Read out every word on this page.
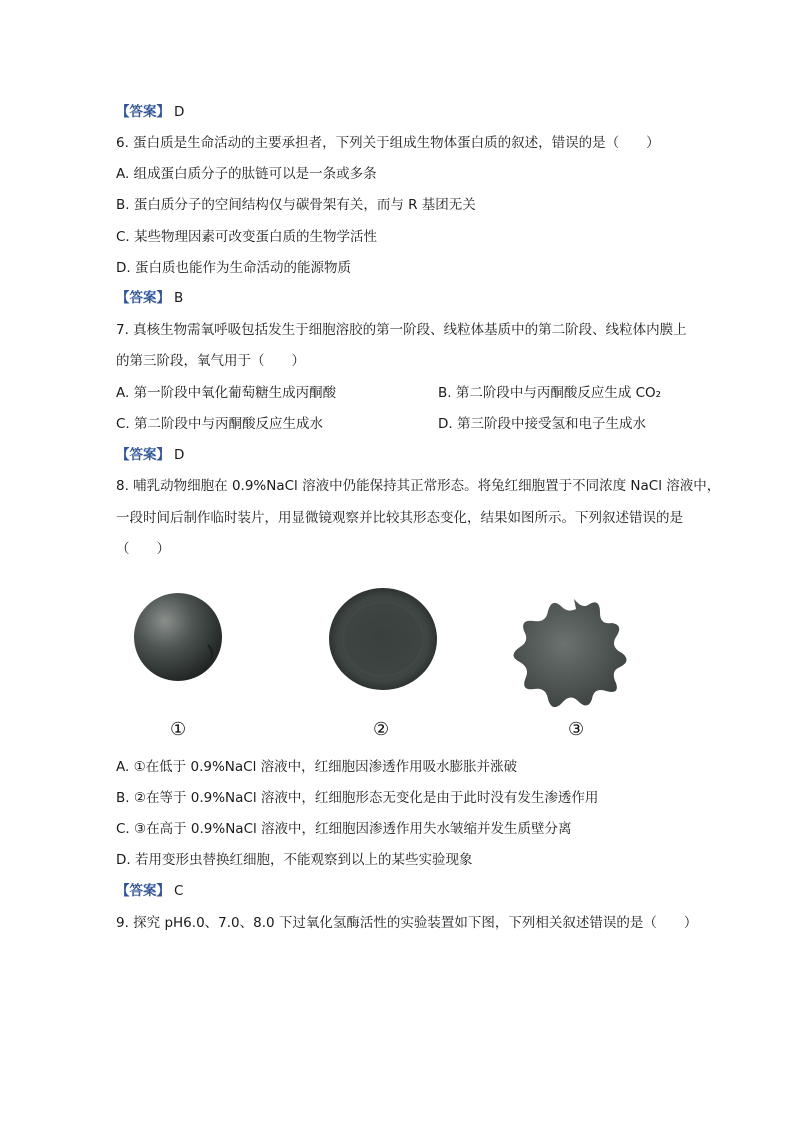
【答案】 D
6. 蛋白质是生命活动的主要承担者，下列关于组成生物体蛋白质的叙述，错误的是（　　）
A. 组成蛋白质分子的肽链可以是一条或多条
B. 蛋白质分子的空间结构仅与碳骨架有关，而与 R 基团无关
C. 某些物理因素可改变蛋白质的生物学活性
D. 蛋白质也能作为生命活动的能源物质
【答案】 B
7. 真核生物需氧呼吸包括发生于细胞溶胶的第一阶段、线粒体基质中的第二阶段、线粒体内膜上
的第三阶段，氧气用于（　　）
A. 第一阶段中氧化葡萄糖生成丙酮酸	B. 第二阶段中与丙酮酸反应生成 CO₂
C. 第二阶段中与丙酮酸反应生成水	D. 第三阶段中接受氢和电子生成水
【答案】 D
8. 哺乳动物细胞在 0.9%NaCl 溶液中仍能保持其正常形态。将兔红细胞置于不同浓度 NaCl 溶液中，
一段时间后制作临时装片，用显微镜观察并比较其形态变化，结果如图所示。下列叙述错误的是
（　　）
①	②	③
A. ①在低于 0.9%NaCl 溶液中，红细胞因渗透作用吸水膨胀并涨破
B. ②在等于 0.9%NaCl 溶液中，红细胞形态无变化是由于此时没有发生渗透作用
C. ③在高于 0.9%NaCl 溶液中，红细胞因渗透作用失水皱缩并发生质壁分离
D. 若用变形虫替换红细胞，不能观察到以上的某些实验现象
【答案】 C
9. 探究 pH6.0、7.0、8.0 下过氧化氢酶活性的实验装置如下图，下列相关叙述错误的是（　　）
